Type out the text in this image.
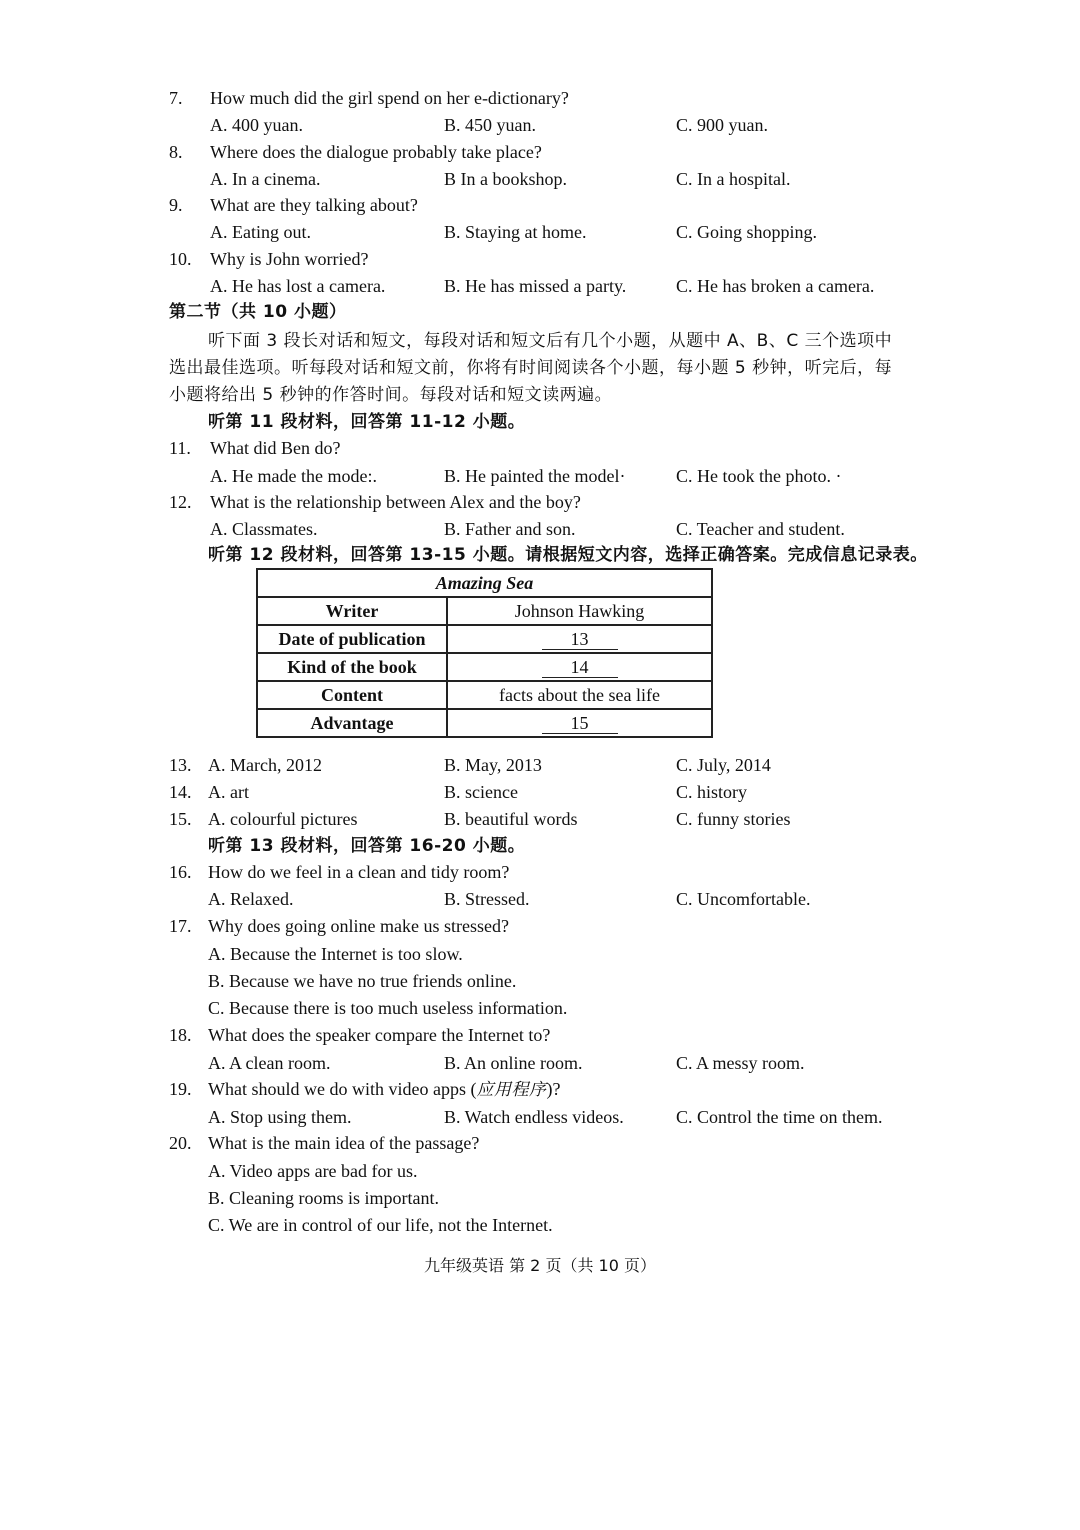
7. How much did the girl spend on her e-dictionary?
A. 400 yuan.	B. 450 yuan.	C. 900 yuan.
8. Where does the dialogue probably take place?
A. In a cinema.	B In a bookshop.	C. In a hospital.
9. What are they talking about?
A. Eating out.	B. Staying at home.	C. Going shopping.
10. Why is John worried?
A. He has lost a camera.	B. He has missed a party.	C. He has broken a camera.
第二节（共 10 小题）
听下面 3 段长对话和短文，每段对话和短文后有几个小题，从题中 A、B、C 三个选项中
选出最佳选项。听每段对话和短文前，你将有时间阅读各个小题，每小题 5 秒钟，听完后，每
小题将给出 5 秒钟的作答时间。每段对话和短文读两遍。
听第 11 段材料，回答第 11-12 小题。
11. What did Ben do?
A. He made the mode:.	B. He painted the model·	C. He took the photo. ·
12. What is the relationship between Alex and the boy?
A. Classmates.	B. Father and son.	C. Teacher and student.
听第 12 段材料，回答第 13-15 小题。请根据短文内容，选择正确答案。完成信息记录表。
Amazing Sea	
Writer	Johnson Hawking
Date of publication	13
Kind of the book	14
Content	facts about the sea life
Advantage	15
13. A. March, 2012	B. May, 2013	C. July, 2014
14. A. art	B. science	C. history
15. A. colourful pictures	B. beautiful words	C. funny stories
听第 13 段材料，回答第 16-20 小题。
16. How do we feel in a clean and tidy room?
A. Relaxed.	B. Stressed.	C. Uncomfortable.
17. Why does going online make us stressed?
A. Because the Internet is too slow.
B. Because we have no true friends online.
C. Because there is too much useless information.
18. What does the speaker compare the Internet to?
A. A clean room.	B. An online room.	C. A messy room.
19. What should we do with video apps (应用程序)?
A. Stop using them.	B. Watch endless videos.	C. Control the time on them.
20. What is the main idea of the passage?
A. Video apps are bad for us.
B. Cleaning rooms is important.
C. We are in control of our life, not the Internet.
九年级英语 第 2 页（共 10 页）
